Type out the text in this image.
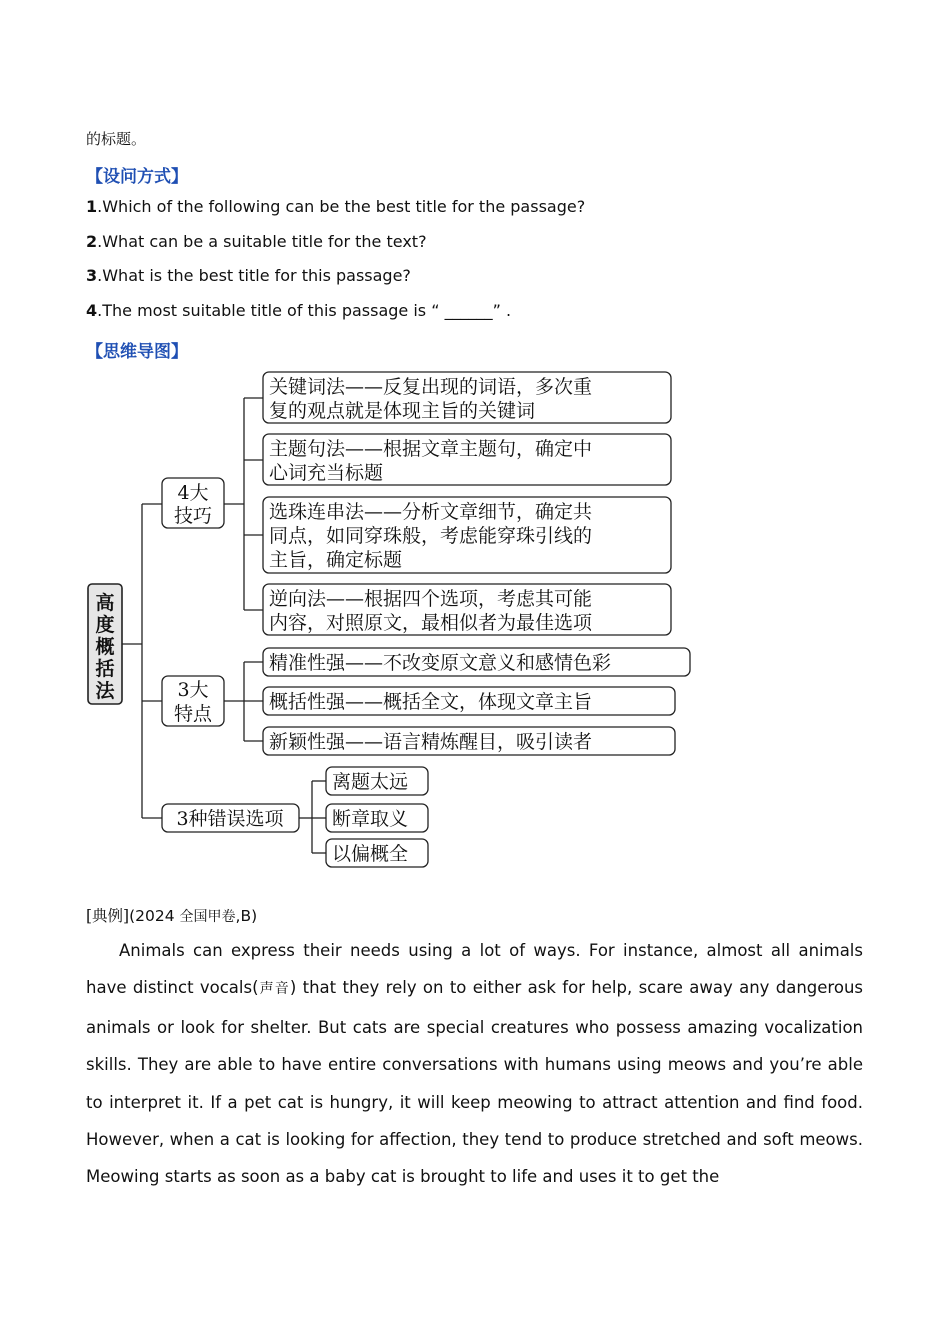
的标题。
【设问方式】
1.Which of the following can be the best title for the passage?
2.What can be a suitable title for the text?
3.What is the best title for this passage?
4.The most suitable title of this passage is “ ______” .
【思维导图】
高
度
概
括
法
4大
技巧
3大
特点
3种错误选项
关键词法——反复出现的词语，多次重
复的观点就是体现主旨的关键词
主题句法——根据文章主题句，确定中
心词充当标题
选珠连串法——分析文章细节，确定共
同点，如同穿珠般，考虑能穿珠引线的
主旨，确定标题
逆向法——根据四个选项，考虑其可能
内容，对照原文，最相似者为最佳选项
精准性强——不改变原文意义和感情色彩
概括性强——概括全文，体现文章主旨
新颖性强——语言精炼醒目，吸引读者
离题太远
断章取义
以偏概全
[典例](2024 全国甲卷,B)
Animals can express their needs using a lot of ways. For instance, almost all animals have distinct vocals(声音) that they rely on to either ask for help, scare away any dangerous animals or look for shelter. But cats are special creatures who possess amazing vocalization skills. They are able to have entire conversations with humans using meows and you’re able to interpret it. If a pet cat is hungry, it will keep meowing to attract attention and find food. However, when a cat is looking for affection, they tend to produce stretched and soft meows. Meowing starts as soon as a baby cat is brought to life and uses it to get the
